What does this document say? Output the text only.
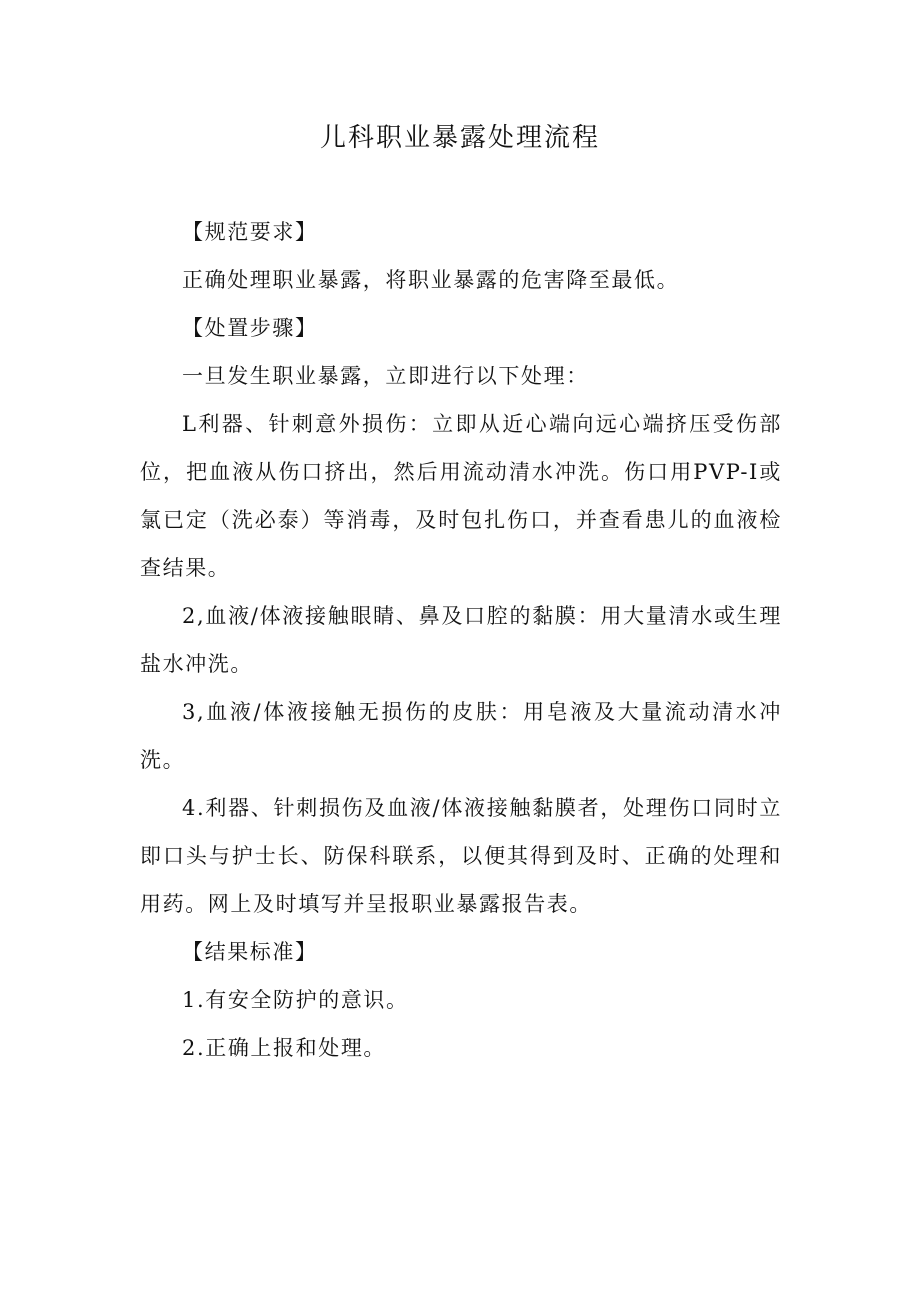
儿科职业暴露处理流程

【规范要求】

正确处理职业暴露，将职业暴露的危害降至最低。

【处置步骤】

一旦发生职业暴露，立即进行以下处理：

L利器、针刺意外损伤：立即从近心端向远心端挤压受伤部位，把血液从伤口挤出，然后用流动清水冲洗。伤口用PVP-I或氯已定（洗必泰）等消毒，及时包扎伤口，并查看患儿的血液检查结果。

2,血液/体液接触眼睛、鼻及口腔的黏膜：用大量清水或生理盐水冲洗。

3,血液/体液接触无损伤的皮肤：用皂液及大量流动清水冲洗。

4.利器、针刺损伤及血液/体液接触黏膜者，处理伤口同时立即口头与护士长、防保科联系，以便其得到及时、正确的处理和用药。网上及时填写并呈报职业暴露报告表。

【结果标准】

1.有安全防护的意识。

2.正确上报和处理。
